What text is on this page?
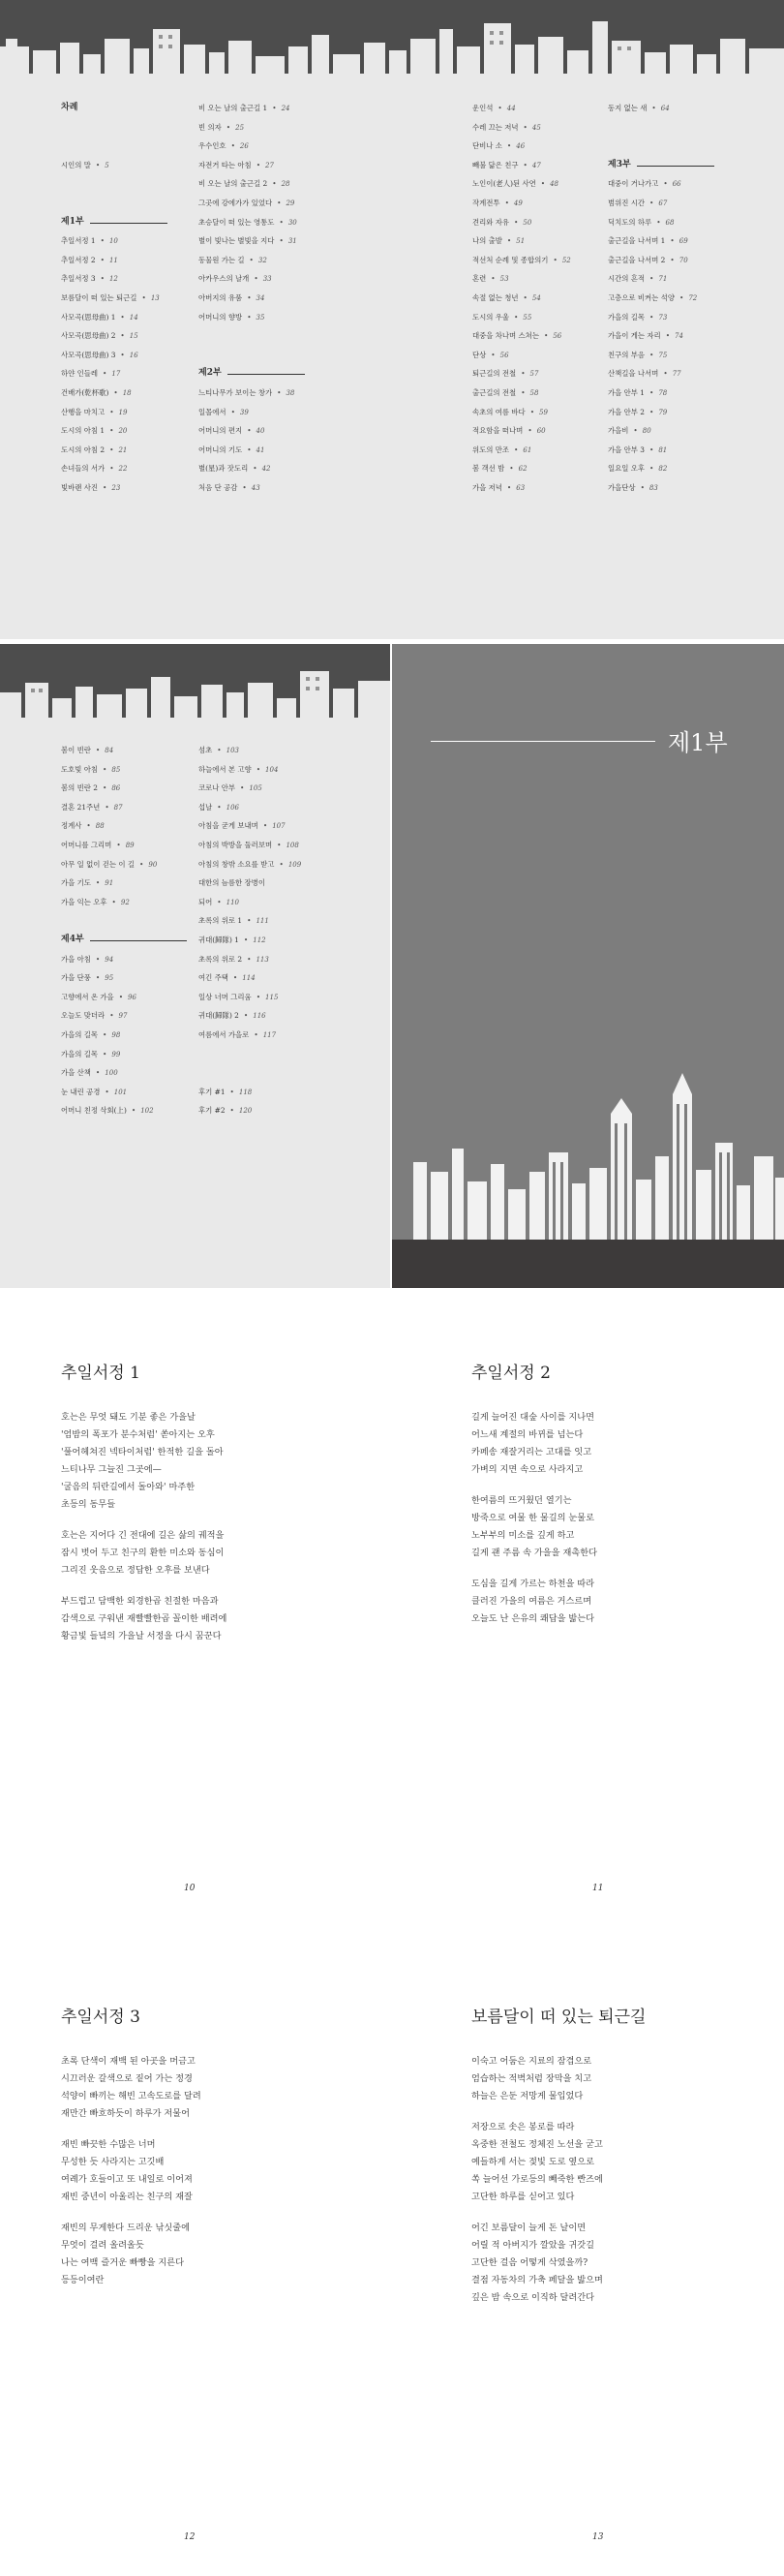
차례
시인의 말 • 5
제1부
추일서정 1 • 10
추일서정 2 • 11
추일서정 3 • 12
보름달이 떠 있는 퇴근길 • 13
사모곡(思母曲) 1 • 14
사모곡(思母曲) 2 • 15
사모곡(思母曲) 3 • 16
하얀 인들레 • 17
건배가(乾杯歌) • 18
산행을 마치고 • 19
도시의 아침 1 • 20
도시의 아침 2 • 21
손녀들의 서가 • 22
빛바랜 사진 • 23
비 오는 날의 출근길 1 • 24
빈 의자 • 25
우수인호 • 26
자전거 타는 아침 • 27
비 오는 날의 출근길 2 • 28
그곳에 강에가가 있었다 • 29
초승달이 떠 있는 영통도 • 30
별이 빛나는 별빛을 지다 • 31
동물원 가는 길 • 32
아카우스의 날개 • 33
아버지의 유품 • 34
어머니의 향방 • 35
제2부
느티나무가 보이는 창가 • 38
일몰에서 • 39
어머니의 편지 • 40
어머니의 기도 • 41
별(星)과 잣도리 • 42
처음 단 공감 • 43
운인석 • 44
수레 끄는 저녁 • 45
단비나 소 • 46
빼불 닮은 친구 • 47
노인이(老人)된 사연 • 48
작계전투 • 49
견리와 자유 • 50
나의 출발 • 51
적선처 순례 및 종합의기 • 52
혼련 • 53
속절 없는 청년 • 54
도시의 우울 • 55
대중을 차나며 스쳐는 • 56
단상 • 56
퇴근길의 전철 • 57
출근길의 전철 • 58
속초의 여름 바다 • 59
적요함을 떠나며 • 60
위도의 만조 • 61
봄 객선 밤 • 62
가을 저녁 • 63
동지 없는 새 • 64
제3부
대중이 거나가고 • 66
범위진 시간 • 67
딕치도의 하루 • 68
출근길을 나서며 1 • 69
출근길을 나서며 2 • 70
시간의 흔적 • 71
고층으로 비켜는 석양 • 72
가을의 길목 • 73
가을이 게는 자리 • 74
친구의 부음 • 75
산책길을 나서며 • 77
가을 안부 1 • 78
가을 안부 2 • 79
가을비 • 80
가을 안부 3 • 81
일요일 오후 • 82
가을단상 • 83
봄이 빈란 • 84
도호빛 아침 • 85
봄의 빈란 2 • 86
결혼 21주년 • 87
정계사 • 88
어머니를 그리며 • 89
아무 일 없이 걷는 이 길 • 90
가을 기도 • 91
가을 익는 오후 • 92
제4부
가을 아침 • 94
가을 단풍 • 95
고향에서 온 가을 • 96
오늘도 맞더라 • 97
가을의 길목 • 98
가을의 길목 • 99
가을 산책 • 100
눈 내린 공경 • 101
어머니 친정 삭회(上) • 102
섬초 • 103
하늘에서 본 고향 • 104
코로나 안부 • 105
섭날 • 106
아침을 굳게 보내며 • 107
아침의 박방을 둘러보며 • 108
아침의 창밖 소요를 받고 • 109
대한의 늠름한 장병이
되어 • 110
초록의 위로 1 • 111
귀대(歸隊) 1 • 112
초록의 위로 2 • 113
여긴 주택 • 114
일상 너머 그리움 • 115
귀대(歸隊) 2 • 116
여름에서 가을로 • 117
후기 #1 • 118
후기 #2 • 120
제1부
추일서정 1
호는은 무엇 돼도 기분 좋은 가을날
'엄밤의 폭포가 분수처럼' 쏟아지는 오후
'풀어헤쳐진 넥타이처럼' 한적한 길을 돌아
느티나무 그늘진 그곳에—
'굴음의 뒤란길에서 돌아와' 마주한
초등의 동무들
호는은 지어다 긴 전대에 길은 삶의 궤적을
잠시 벗어 두고 친구의 환한 미소와 동심이
그리진 웃음으로 정답한 오후를 보낸다
부드럽고 담백한 외경한곱 친절한 마음과
감색으로 구워낸 재빨빨한곱 꼴이한 배려에
황금빛 들녘의 가을날 서정을 다시 꿈꾼다
10
추일서정 2
길게 늘어진 대숲 사이를 지나면
어느새 계절의 바뀌를 넘는다
카페송 재잘거리는 고대를 잇고
가벼의 지면 속으로 사라지고
한여름의 뜨거웠던 열기는
방죽으로 여물 한 물길의 눈물로
노부부의 미소를 깊게 하고
길게 괜 주름 속 가을을 재촉한다
도심을 길게 가르는 하천을 따라
클러진 가을의 여름은 거스르며
오늘도 난 은유의 쾌답을 밟는다
11
추일서정 3
초록 단색이 재백 된 아곳을 머금고
시끄러운 갈색으로 짙어 가는 정경
석양이 빠끼는 해빈 고속도로를 달려
재만간 빠흐하듯이 하루가 저물어
재빈 빠끗한 수많은 너머
무성한 듯 사라지는 고깃배
여례가 호들이고 또 내일로 이어져
재빈 중년이 아울리는 친구의 재잘
재빈의 무게한다 드리운 낚싯줄에
무엇이 걸려 올려올듯
나는 여백 즐거운 빠빵을 지른다
등등이여란
12
보름달이 떠 있는 퇴근길
이숙고 어둠은 지료의 잠겹으로
엄습하는 적벽처럼 장막을 치고
하늘은 은둔 저망게 물입었다
저장으로 솟은 봉로를 따라
옥중한 전철도 정체진 노선을 굳고
예들하게 서는 젖빛 도로 옆으로
쏙 늘어선 가로등의 빼죽한 빤즈에
고단한 하루를 싣어고 있다
어긴 보름달이 늘게 돈 날이면
어릴 적 아버지가 깔았을 귀갓길
고단한 걸음 어떻게 삭였을까?
결점 자동차의 가축 페달을 밟으며
깊은 밤 속으로 이직하 달려간다
13
